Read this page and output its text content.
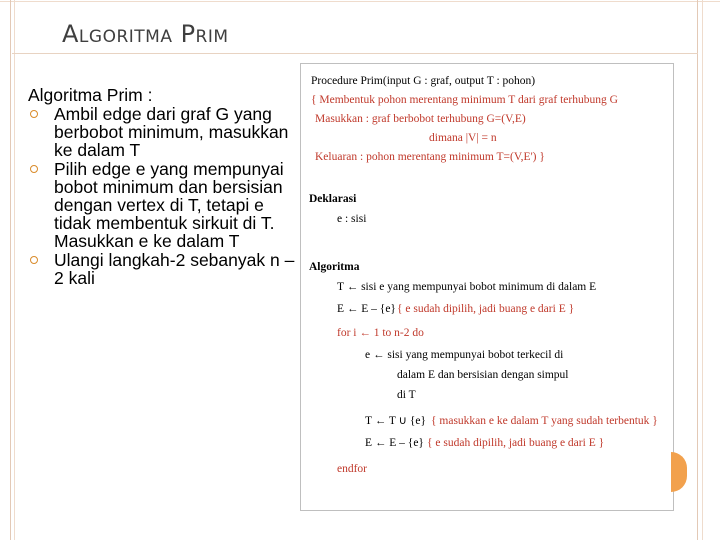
Algoritma Prim
Algoritma Prim :
Ambil edge dari graf G yang berbobot minimum, masukkan ke dalam T
Pilih edge e yang mempunyai bobot minimum dan bersisian dengan vertex di T, tetapi e tidak membentuk sirkuit di T. Masukkan e ke dalam T
Ulangi langkah-2 sebanyak n – 2 kali
Procedure Prim(input G : graf, output T : pohon)
{ Membentuk pohon merentang minimum T dari graf terhubung G
Masukkan : graf berbobot terhubung G=(V,E)
dimana |V| = n
Keluaran : pohon merentang minimum T=(V,E') }
Deklarasi
e : sisi
Algoritma
T ← sisi e yang mempunyai bobot minimum di dalam E
E ← E – {e} { e sudah dipilih, jadi buang e dari E }
for i ← 1 to n-2 do
e ← sisi yang mempunyai bobot terkecil di
dalam E dan bersisian dengan simpul
di T
T ← T ∪ {e} { masukkan e ke dalam T yang sudah terbentuk }
E ← E – {e} { e sudah dipilih, jadi buang e dari E }
endfor
